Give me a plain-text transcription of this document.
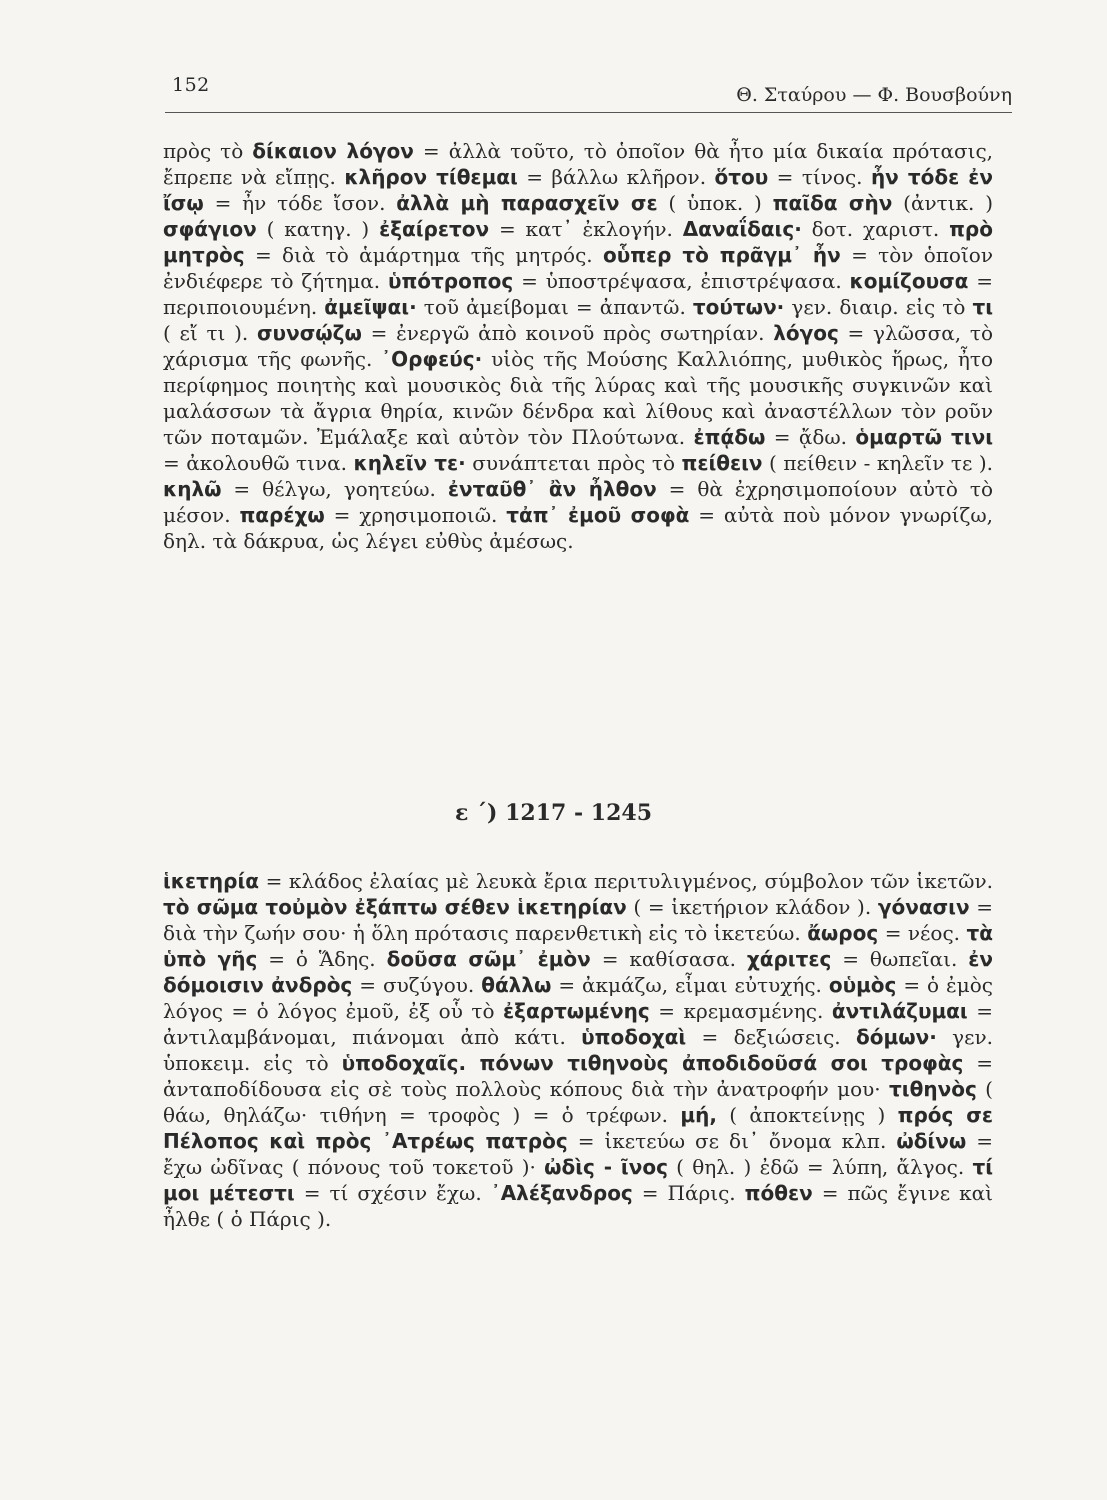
152	Θ. Σταύρου — Φ. Βουσβούνη

πρὸς τὸ δίκαιον λόγον = ἀλλὰ τοῦτο, τὸ ὁποῖον θὰ ἦτο μία δικαία πρότασις, ἔπρεπε νὰ εἴπῃς. κλῆρον τίθεμαι = βάλλω κλῆρον. ὅτου = τίνος. ἦν τόδε ἐν ἴσῳ = ἦν τόδε ἴσον. ἀλλὰ μὴ παρασχεῖν σε ( ὑποκ. ) παῖδα σὴν (ἀντικ. ) σφάγιον ( κατηγ. ) ἐξαίρετον = κατ᾽ ἐκλογήν. Δαναΐδαις· δοτ. χαριστ. πρὸ μητρὸς = διὰ τὸ ἁμάρτημα τῆς μητρός. οὗπερ τὸ πρᾶγμ᾽ ἦν = τὸν ὁποῖον ἐνδιέφερε τὸ ζήτημα. ὑπότροπος = ὑποστρέψασα, ἐπιστρέψασα. κομίζουσα = περιποιουμένη. ἀμεῖψαι· τοῦ ἀμείβομαι = ἀπαντῶ. τούτων· γεν. διαιρ. εἰς τὸ τι ( εἴ τι ). συνσῴζω = ἐνεργῶ ἀπὸ κοινοῦ πρὸς σωτηρίαν. λόγος = γλῶσσα, τὸ χάρισμα τῆς φωνῆς. ᾽Ορφεύς· υἱὸς τῆς Μούσης Καλλιόπης, μυθικὸς ἥρως, ἦτο περίφημος ποιητὴς καὶ μουσικὸς διὰ τῆς λύρας καὶ τῆς μουσικῆς συγκινῶν καὶ μαλάσσων τὰ ἄγρια θηρία, κινῶν δένδρα καὶ λίθους καὶ ἀναστέλλων τὸν ροῦν τῶν ποταμῶν. Ἐμάλαξε καὶ αὐτὸν τὸν Πλούτωνα. ἐπᾴδω = ᾄδω. ὁμαρτῶ τινι = ἀκολουθῶ τινα. κηλεῖν τε· συνάπτεται πρὸς τὸ πείθειν ( πείθειν - κηλεῖν τε ). κηλῶ = θέλγω, γοητεύω. ἐνταῦθ᾽ ἂν ἦλθον = θὰ ἐχρησιμοποίουν αὐτὸ τὸ μέσον. παρέχω = χρησιμοποιῶ. τἀπ᾽ ἐμοῦ σοφὰ = αὐτὰ ποὺ μόνον γνωρίζω, δηλ. τὰ δάκρυα, ὡς λέγει εὐθὺς ἀμέσως.

ε ΄) 1217 - 1245

ἱκετηρία = κλάδος ἐλαίας μὲ λευκὰ ἔρια περιτυλιγμένος, σύμβολον τῶν ἱκετῶν. τὸ σῶμα τοὐμὸν ἐξάπτω σέθεν ἱκετηρίαν ( = ἱκετήριον κλάδον ). γόνασιν = διὰ τὴν ζωήν σου· ἡ ὅλη πρότασις παρενθετικὴ εἰς τὸ ἱκετεύω. ἄωρος = νέος. τὰ ὑπὸ γῆς = ὁ Ἅδης. δοῦσα σῶμ᾽ ἐμὸν = καθίσασα. χάριτες = θωπεῖαι. ἐν δόμοισιν ἀνδρὸς = συζύγου. θάλλω = ἀκμάζω, εἶμαι εὐτυχής. οὑμὸς = ὁ ἐμὸς λόγος = ὁ λόγος ἐμοῦ, ἐξ οὗ τὸ ἐξαρτωμένης = κρεμασμένης. ἀντιλάζυμαι = ἀντιλαμβάνομαι, πιάνομαι ἀπὸ κάτι. ὑποδοχαὶ = δεξιώσεις. δόμων· γεν. ὑποκειμ. εἰς τὸ ὑποδοχαῖς. πόνων τιθηνοὺς ἀποδιδοῦσά σοι τροφὰς = ἀνταποδίδουσα εἰς σὲ τοὺς πολλοὺς κόπους διὰ τὴν ἀνατροφήν μου· τιθηνὸς ( θάω, θηλάζω· τιθήνη = τροφὸς ) = ὁ τρέφων. μή, ( ἀποκτείνῃς ) πρός σε Πέλοπος καὶ πρὸς ᾽Ατρέως πατρὸς = ἱκετεύω σε δι᾽ ὄνομα κλπ. ὠδίνω = ἔχω ὠδῖνας ( πόνους τοῦ τοκετοῦ )· ὠδὶς - ῖνος ( θηλ. ) ἐδῶ = λύπη, ἄλγος. τί μοι μέτεστι = τί σχέσιν ἔχω. ᾽Αλέξανδρος = Πάρις. πόθεν = πῶς ἔγινε καὶ ἦλθε ( ὁ Πάρις ).
